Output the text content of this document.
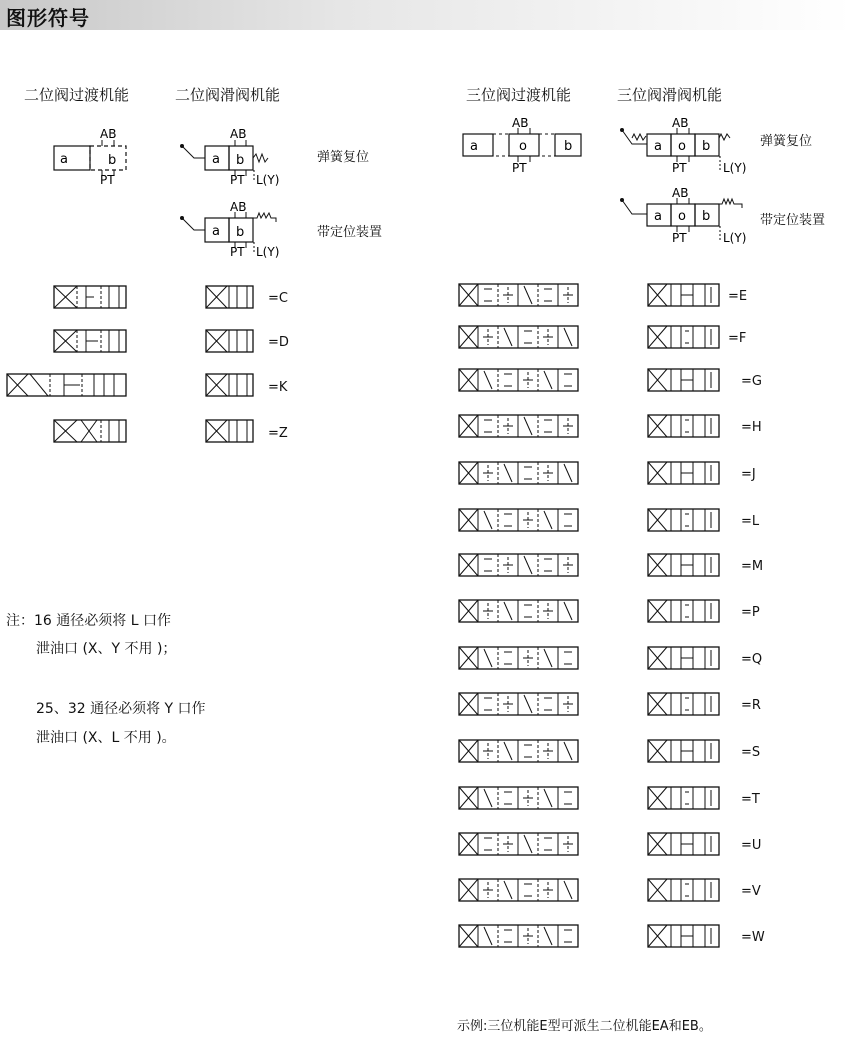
图形符号
二位阀过渡机能	二位阀滑阀机能	三位阀过渡机能	三位阀滑阀机能
a	b
AB
PT
a b
AB
PT L(Y)
弹簧复位
a b
AB
PT L(Y)
带定位装置
a	o	b
AB
PT
a o b
AB
PT	L(Y)
弹簧复位
a o b
AB
PT	L(Y)
带定位装置
=C
=D
=K
=Z
=E
=F
=G
=H
=J
=L
=M
=P
=Q
=R
=S
=T
=U
=V
=W
注：16 通径必须将 L 口作
泄油口 (X、Y 不用 )；
25、32 通径必须将 Y 口作
泄油口 (X、L 不用 )。
示例:三位机能E型可派生二位机能EA和EB。
